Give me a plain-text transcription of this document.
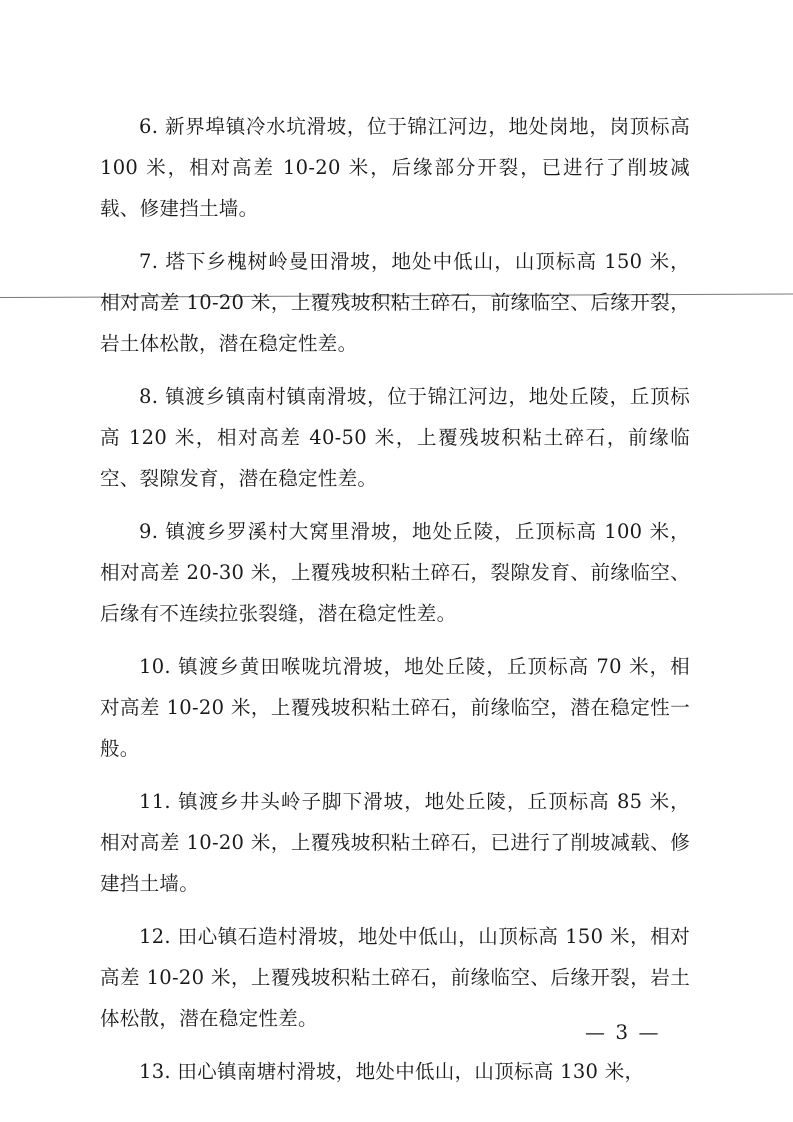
6. 新界埠镇冷水坑滑坡，位于锦江河边，地处岗地，岗顶标高 100 米，相对高差 10-20 米，后缘部分开裂，已进行了削坡减载、修建挡土墙。

7. 塔下乡槐树岭曼田滑坡，地处中低山，山顶标高 150 米，相对高差 10-20 米，上覆残坡积粘土碎石，前缘临空、后缘开裂，岩土体松散，潜在稳定性差。

8. 镇渡乡镇南村镇南滑坡，位于锦江河边，地处丘陵，丘顶标高 120 米，相对高差 40-50 米，上覆残坡积粘土碎石，前缘临空、裂隙发育，潜在稳定性差。

9. 镇渡乡罗溪村大窝里滑坡，地处丘陵，丘顶标高 100 米，相对高差 20-30 米，上覆残坡积粘土碎石，裂隙发育、前缘临空、后缘有不连续拉张裂缝，潜在稳定性差。

10. 镇渡乡黄田喉咙坑滑坡，地处丘陵，丘顶标高 70 米，相对高差 10-20 米，上覆残坡积粘土碎石，前缘临空，潜在稳定性一般。

11. 镇渡乡井头岭子脚下滑坡，地处丘陵，丘顶标高 85 米，相对高差 10-20 米，上覆残坡积粘土碎石，已进行了削坡减载、修建挡土墙。

12. 田心镇石造村滑坡，地处中低山，山顶标高 150 米，相对高差 10-20 米，上覆残坡积粘土碎石，前缘临空、后缘开裂，岩土体松散，潜在稳定性差。

13. 田心镇南塘村滑坡，地处中低山，山顶标高 130 米，

— 3 —
